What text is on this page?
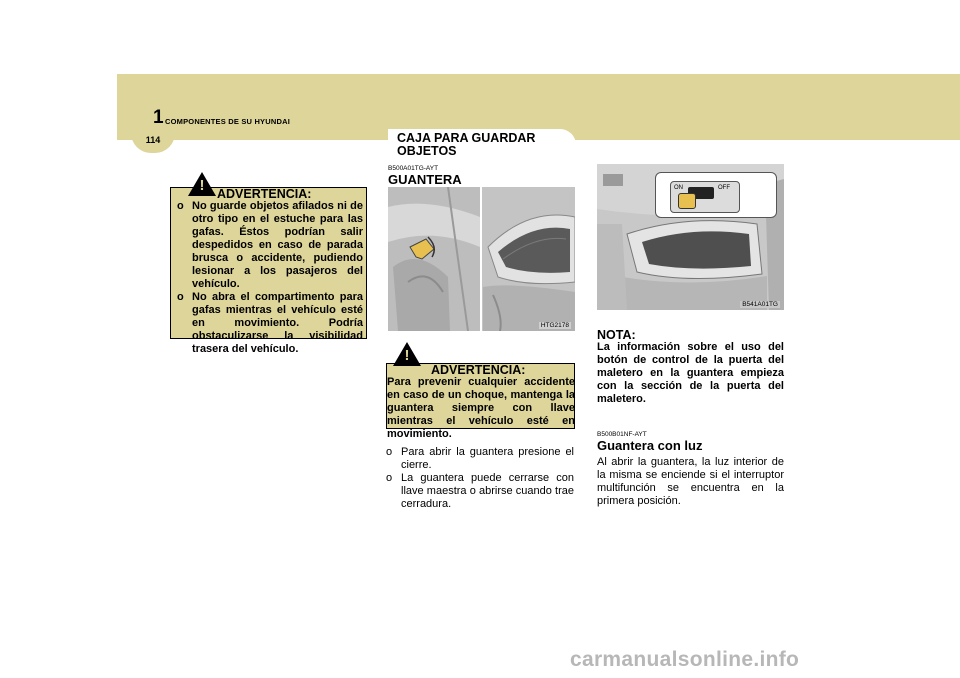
114
1 COMPONENTES DE SU HYUNDAI
CAJA PARA GUARDAR OBJETOS
!	ADVERTENCIA:
o No guarde objetos afilados ni de otro tipo en el estuche para las gafas. Éstos podrían salir despedidos en caso de parada brusca o accidente, pudiendo lesionar a los pasajeros del vehículo.
o No abra el compartimento para gafas mientras el vehículo esté en movimiento. Podría obstaculizarse la visibilidad trasera del vehículo.
B500A01TG-AYT
GUANTERA
HTG2178
!
ADVERTENCIA:
Para prevenir cualquier accidente en caso de un choque, mantenga la guantera siempre con llave mientras el vehículo esté en movimiento.
o Para abrir la guantera presione el cierre.
o La guantera puede cerrarse con llave maestra o abrirse cuando trae cerradura.
ON	OFF
B541A01TG
NOTA:
La información sobre el uso del botón de control de la puerta del maletero en la guantera empieza con la sección de la puerta del maletero.
B500B01NF-AYT
Guantera con luz
Al abrir la guantera, la luz interior de la misma se enciende si el interruptor multifunción se encuentra en la primera posición.
carmanualsonline.info
